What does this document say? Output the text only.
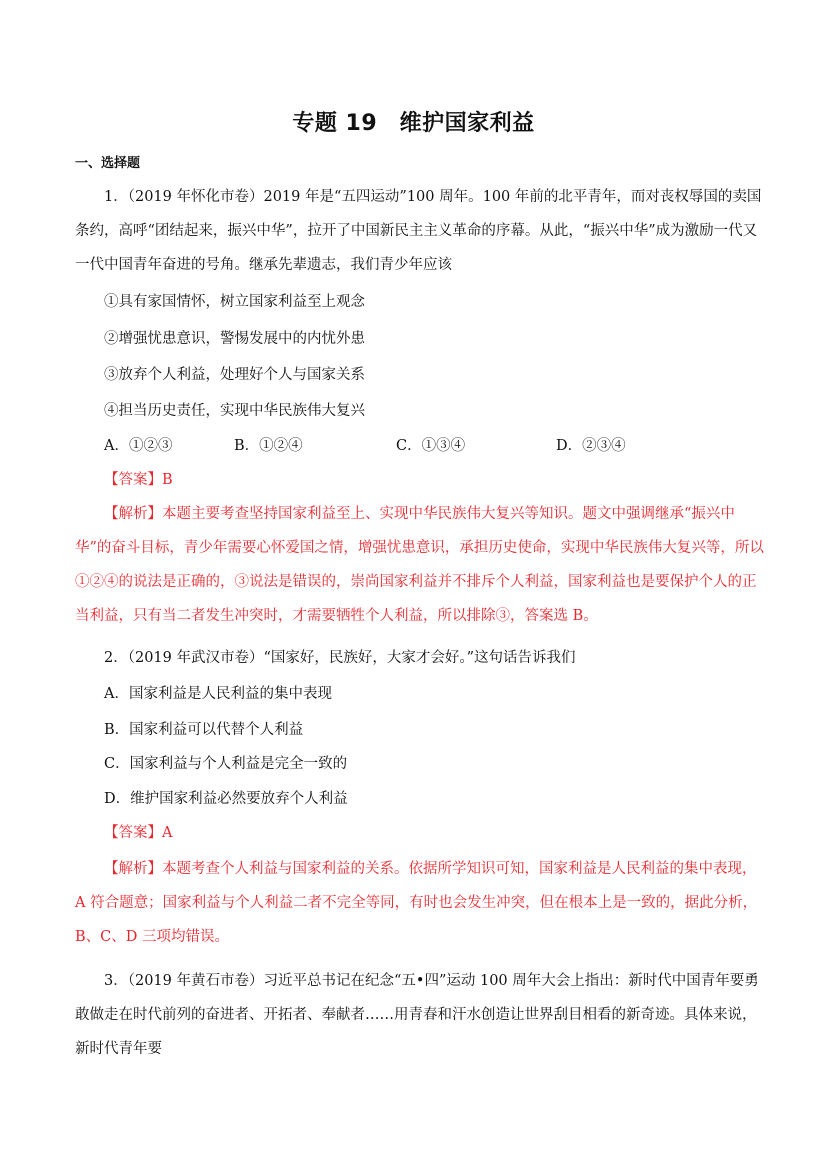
专题 19　维护国家利益
一、选择题
1．（2019 年怀化市卷）2019 年是“五四运动”100 周年。100 年前的北平青年，而对丧权辱国的卖国条约，高呼“团结起来，振兴中华”，拉开了中国新民主主义革命的序幕。从此，“振兴中华”成为激励一代又一代中国青年奋进的号角。继承先辈遗志，我们青少年应该
①具有家国情怀，树立国家利益至上观念
②增强忧患意识，警惕发展中的内忧外患
③放弃个人利益，处理好个人与国家关系
④担当历史责任，实现中华民族伟大复兴
A．①②③	B．①②④	C．①③④	D．②③④
【答案】B
【解析】本题主要考查坚持国家利益至上、实现中华民族伟大复兴等知识。题文中强调继承“振兴中华”的奋斗目标，青少年需要心怀爱国之情，增强忧患意识，承担历史使命，实现中华民族伟大复兴等，所以①②④的说法是正确的，③说法是错误的，崇尚国家利益并不排斥个人利益，国家利益也是要保护个人的正当利益，只有当二者发生冲突时，才需要牺牲个人利益，所以排除③，答案选 B。
2．（2019 年武汉市卷）“国家好，民族好，大家才会好。”这句话告诉我们
A．国家利益是人民利益的集中表现
B．国家利益可以代替个人利益
C．国家利益与个人利益是完全一致的
D．维护国家利益必然要放弃个人利益
【答案】A
【解析】本题考查个人利益与国家利益的关系。依据所学知识可知，国家利益是人民利益的集中表现，A 符合题意；国家利益与个人利益二者不完全等同，有时也会发生冲突，但在根本上是一致的，据此分析，B、C、D 三项均错误。
3．（2019 年黄石市卷）习近平总书记在纪念“五•四”运动 100 周年大会上指出：新时代中国青年要勇敢做走在时代前列的奋进者、开拓者、奉献者……用青春和汗水创造让世界刮目相看的新奇迹。具体来说，新时代青年要
